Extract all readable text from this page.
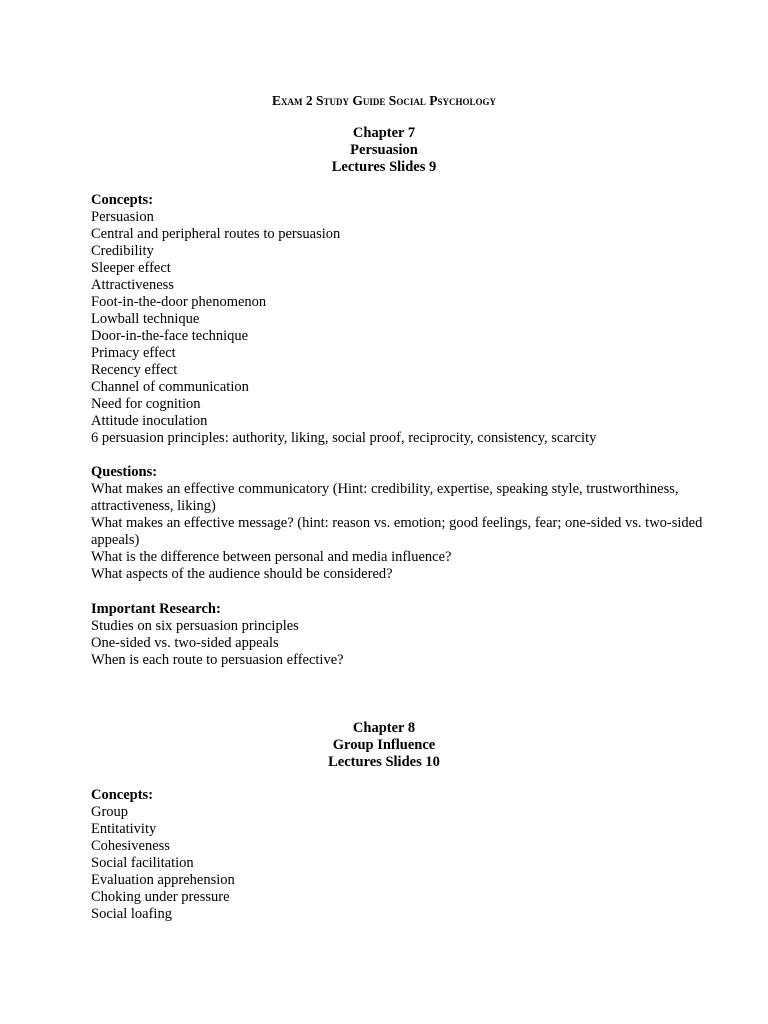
Exam 2 Study Guide Social Psychology
Chapter 7
Persuasion
Lectures Slides 9
Concepts:
Persuasion
Central and peripheral routes to persuasion
Credibility
Sleeper effect
Attractiveness
Foot-in-the-door phenomenon
Lowball technique
Door-in-the-face technique
Primacy effect
Recency effect
Channel of communication
Need for cognition
Attitude inoculation
6 persuasion principles: authority, liking, social proof, reciprocity, consistency, scarcity
Questions:
What makes an effective communicatory (Hint: credibility, expertise, speaking style, trustworthiness, attractiveness, liking)
What makes an effective message? (hint: reason vs. emotion; good feelings, fear; one-sided vs. two-sided appeals)
What is the difference between personal and media influence?
What aspects of the audience should be considered?
Important Research:
Studies on six persuasion principles
One-sided vs. two-sided appeals
When is each route to persuasion effective?
Chapter 8
Group Influence
Lectures Slides 10
Concepts:
Group
Entitativity
Cohesiveness
Social facilitation
Evaluation apprehension
Choking under pressure
Social loafing
